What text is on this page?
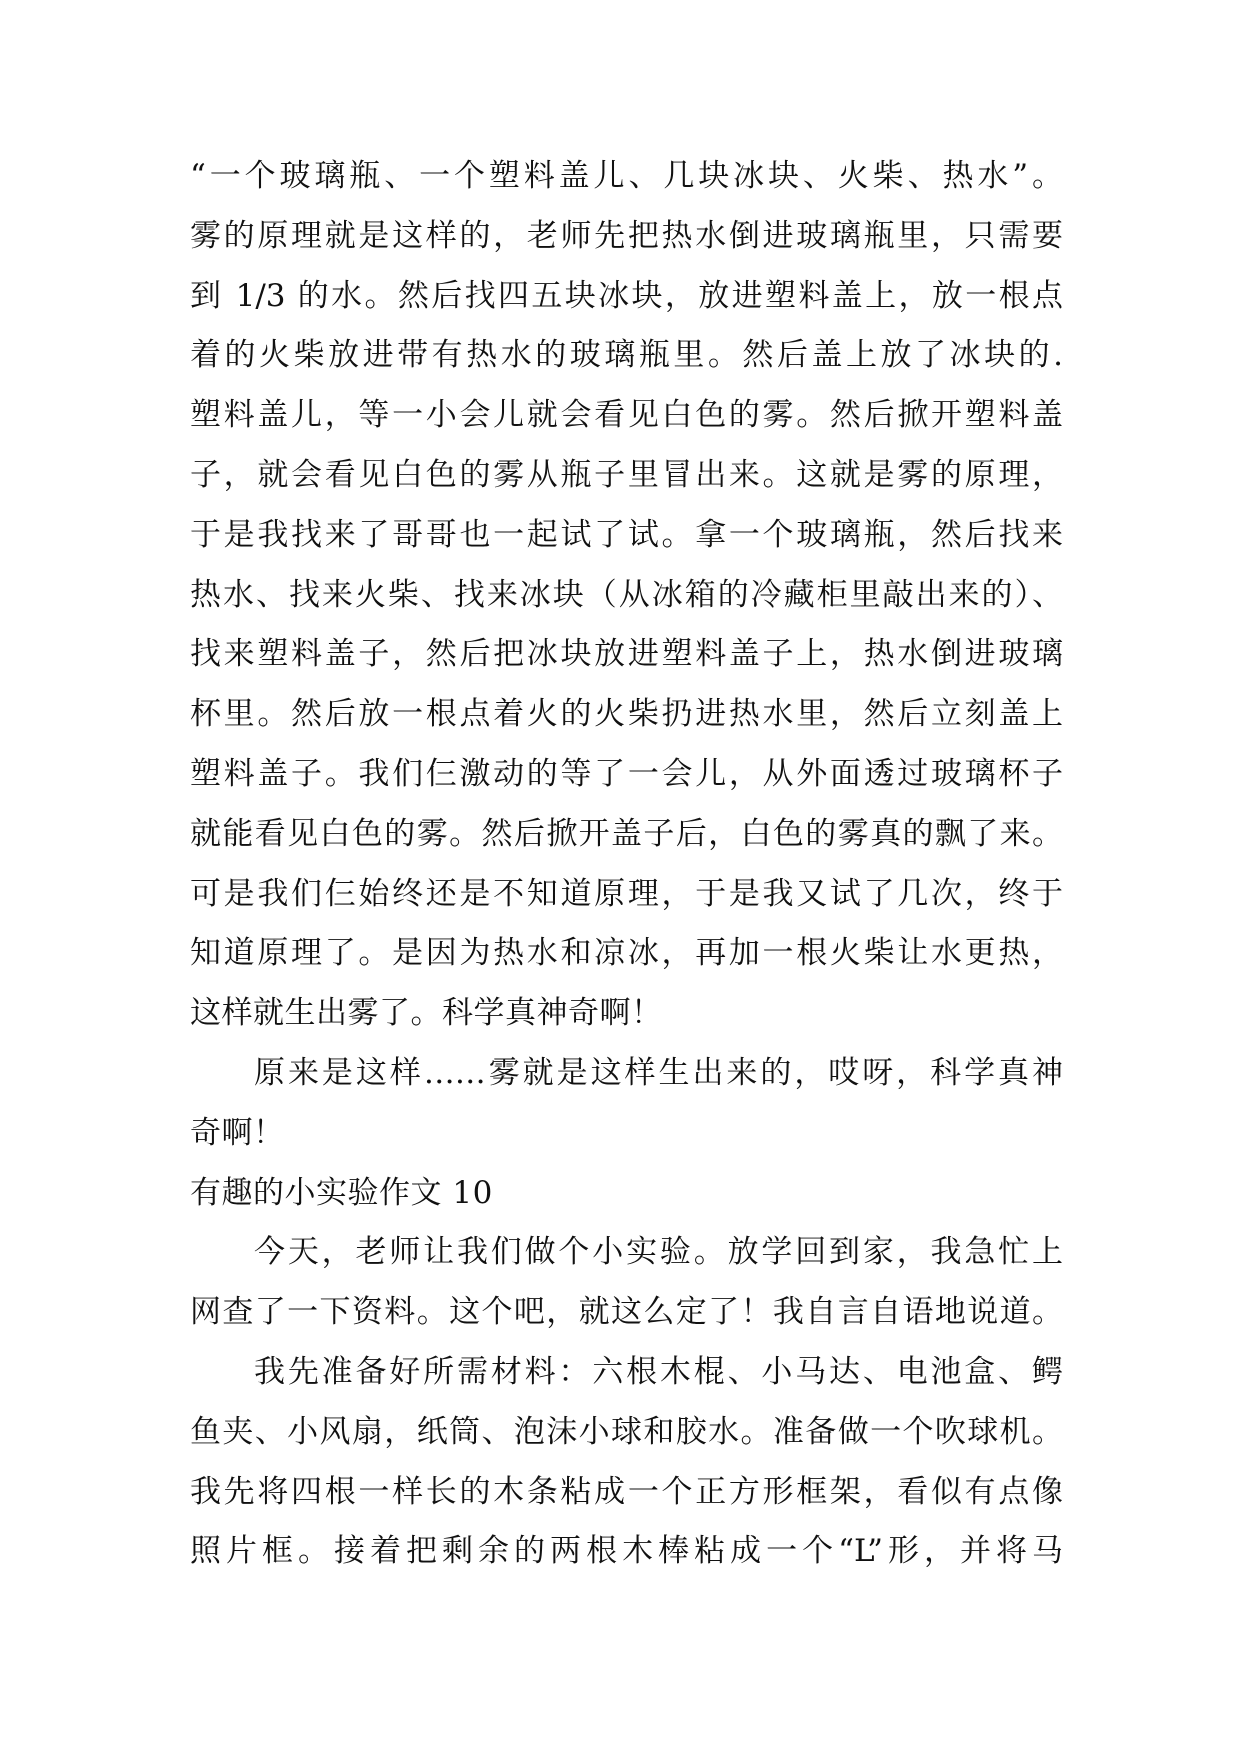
“一个玻璃瓶、一个塑料盖儿、几块冰块、火柴、热水”。
雾的原理就是这样的，老师先把热水倒进玻璃瓶里，只需要
到 1/3 的水。然后找四五块冰块，放进塑料盖上，放一根点
着的火柴放进带有热水的玻璃瓶里。然后盖上放了冰块的.
塑料盖儿，等一小会儿就会看见白色的雾。然后掀开塑料盖
子，就会看见白色的雾从瓶子里冒出来。这就是雾的原理，
于是我找来了哥哥也一起试了试。拿一个玻璃瓶，然后找来
热水、找来火柴、找来冰块（从冰箱的冷藏柜里敲出来的）、
找来塑料盖子，然后把冰块放进塑料盖子上，热水倒进玻璃
杯里。然后放一根点着火的火柴扔进热水里，然后立刻盖上
塑料盖子。我们仨激动的等了一会儿，从外面透过玻璃杯子
就能看见白色的雾。然后掀开盖子后，白色的雾真的飘了来。
可是我们仨始终还是不知道原理，于是我又试了几次，终于
知道原理了。是因为热水和凉冰，再加一根火柴让水更热，
这样就生出雾了。科学真神奇啊！
原来是这样……雾就是这样生出来的，哎呀，科学真神
奇啊！
有趣的小实验作文 10
今天，老师让我们做个小实验。放学回到家，我急忙上
网查了一下资料。这个吧，就这么定了！我自言自语地说道。
我先准备好所需材料：六根木棍、小马达、电池盒、鳄
鱼夹、小风扇，纸筒、泡沫小球和胶水。准备做一个吹球机。
我先将四根一样长的木条粘成一个正方形框架，看似有点像
照片框。接着把剩余的两根木棒粘成一个“L”形，并将马
